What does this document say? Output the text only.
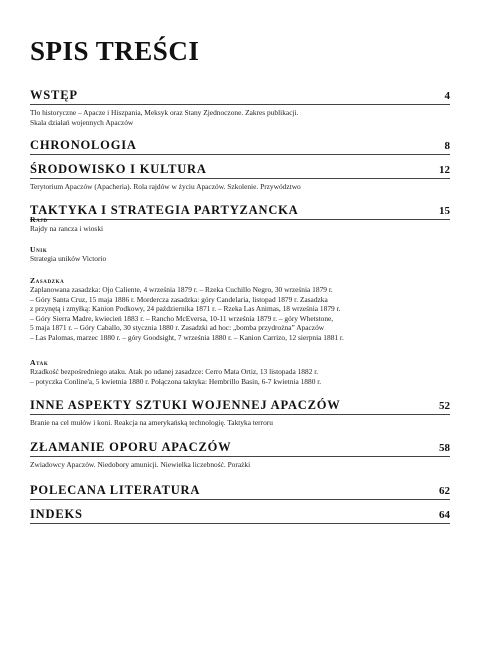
SPIS TREŚCI
WSTĘP	4
Tło historyczne – Apacze i Hiszpania, Meksyk oraz Stany Zjednoczone. Zakres publikacji.
Skala działań wojennych Apaczów
CHRONOLOGIA	8
ŚRODOWISKO I KULTURA	12
Terytorium Apaczów (Apacheria). Rola rajdów w życiu Apaczów. Szkolenie. Przywództwo
TAKTYKA I STRATEGIA PARTYZANCKA	15
Rajd
Rajdy na rancza i wioski
Unik
Strategia uników Victorio
Zasadzka
Zaplanowana zasadzka: Ojo Caliente, 4 września 1879 r. – Rzeka Cuchillo Negro, 30 września 1879 r.
– Góry Santa Cruz, 15 maja 1886 r. Mordercza zasadzka: góry Candelaria, listopad 1879 r. Zasadzka
z przynętą i zmyłką: Kanion Podkowy, 24 października 1871 r. – Rzeka Las Animas, 18 września 1879 r.
– Góry Sierra Madre, kwiecień 1883 r. – Rancho McEversa, 10-11 września 1879 r. – góry Whetstone,
5 maja 1871 r. – Góry Caballo, 30 stycznia 1880 r. Zasadzki ad hoc: „bomba przydrożna” Apaczów
– Las Palomas, marzec 1880 r. – góry Goodsight, 7 września 1880 r. – Kanion Carrizo, 12 sierpnia 1881 r.
Atak
Rzadkość bezpośredniego ataku. Atak po udanej zasadzce: Cerro Mata Ortiz, 13 listopada 1882 r.
– potyczka Conline'a, 5 kwietnia 1880 r. Połączona taktyka: Hembrillo Basin, 6-7 kwietnia 1880 r.
INNE ASPEKTY SZTUKI WOJENNEJ APACZÓW	52
Branie na cel mułów i koni. Reakcja na amerykańską technologię. Taktyka terroru
ZŁAMANIE OPORU APACZÓW	58
Zwiadowcy Apaczów. Niedobory amunicji. Niewielka liczebność. Porażki
POLECANA LITERATURA	62
INDEKS	64
